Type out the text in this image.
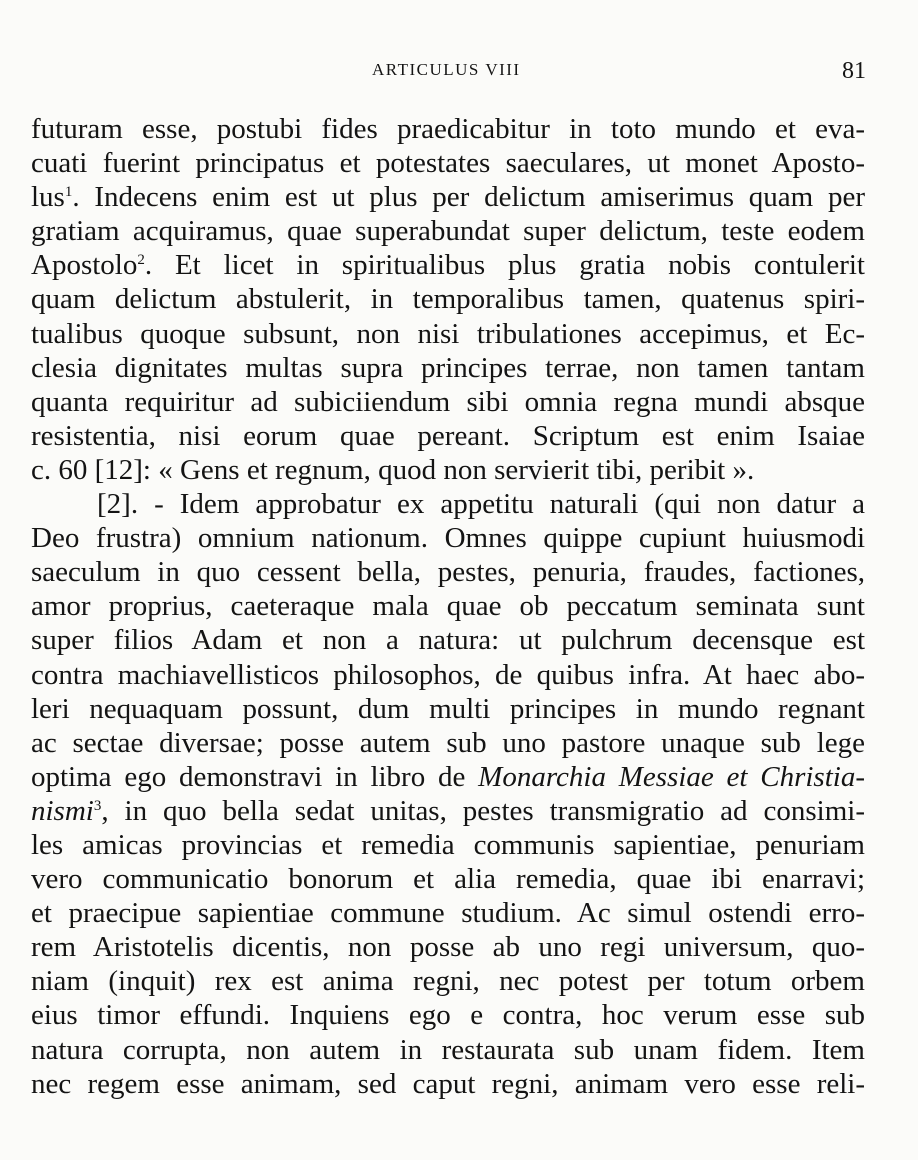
ARTICULUS VIII	81
futuram esse, postubi fides praedicabitur in toto mundo et eva-
cuati fuerint principatus et potestates saeculares, ut monet Aposto-
lus$^1$. Indecens enim est ut plus per delictum amiserimus quam per
gratiam acquiramus, quae superabundat super delictum, teste eodem
Apostolo$^2$. Et licet in spiritualibus plus gratia nobis contulerit
quam delictum abstulerit, in temporalibus tamen, quatenus spiri-
tualibus quoque subsunt, non nisi tribulationes accepimus, et Ec-
clesia dignitates multas supra principes terrae, non tamen tantam
quanta requiritur ad subiciiendum sibi omnia regna mundi absque
resistentia, nisi eorum quae pereant. Scriptum est enim Isaiae
c. 60 [12]: « Gens et regnum, quod non servierit tibi, peribit ».
[2]. - Idem approbatur ex appetitu naturali (qui non datur a
Deo frustra) omnium nationum. Omnes quippe cupiunt huiusmodi
saeculum in quo cessent bella, pestes, penuria, fraudes, factiones,
amor proprius, caeteraque mala quae ob peccatum seminata sunt
super filios Adam et non a natura: ut pulchrum decensque est
contra machiavellisticos philosophos, de quibus infra. At haec abo-
leri nequaquam possunt, dum multi principes in mundo regnant
ac sectae diversae; posse autem sub uno pastore unaque sub lege
optima ego demonstravi in libro de Monarchia Messiae et Christia-
nismi$^3$, in quo bella sedat unitas, pestes transmigratio ad consimi-
les amicas provincias et remedia communis sapientiae, penuriam
vero communicatio bonorum et alia remedia, quae ibi enarravi;
et praecipue sapientiae commune studium. Ac simul ostendi erro-
rem Aristotelis dicentis, non posse ab uno regi universum, quo-
niam (inquit) rex est anima regni, nec potest per totum orbem
eius timor effundi. Inquiens ego e contra, hoc verum esse sub
natura corrupta, non autem in restaurata sub unam fidem. Item
nec regem esse animam, sed caput regni, animam vero esse reli-
